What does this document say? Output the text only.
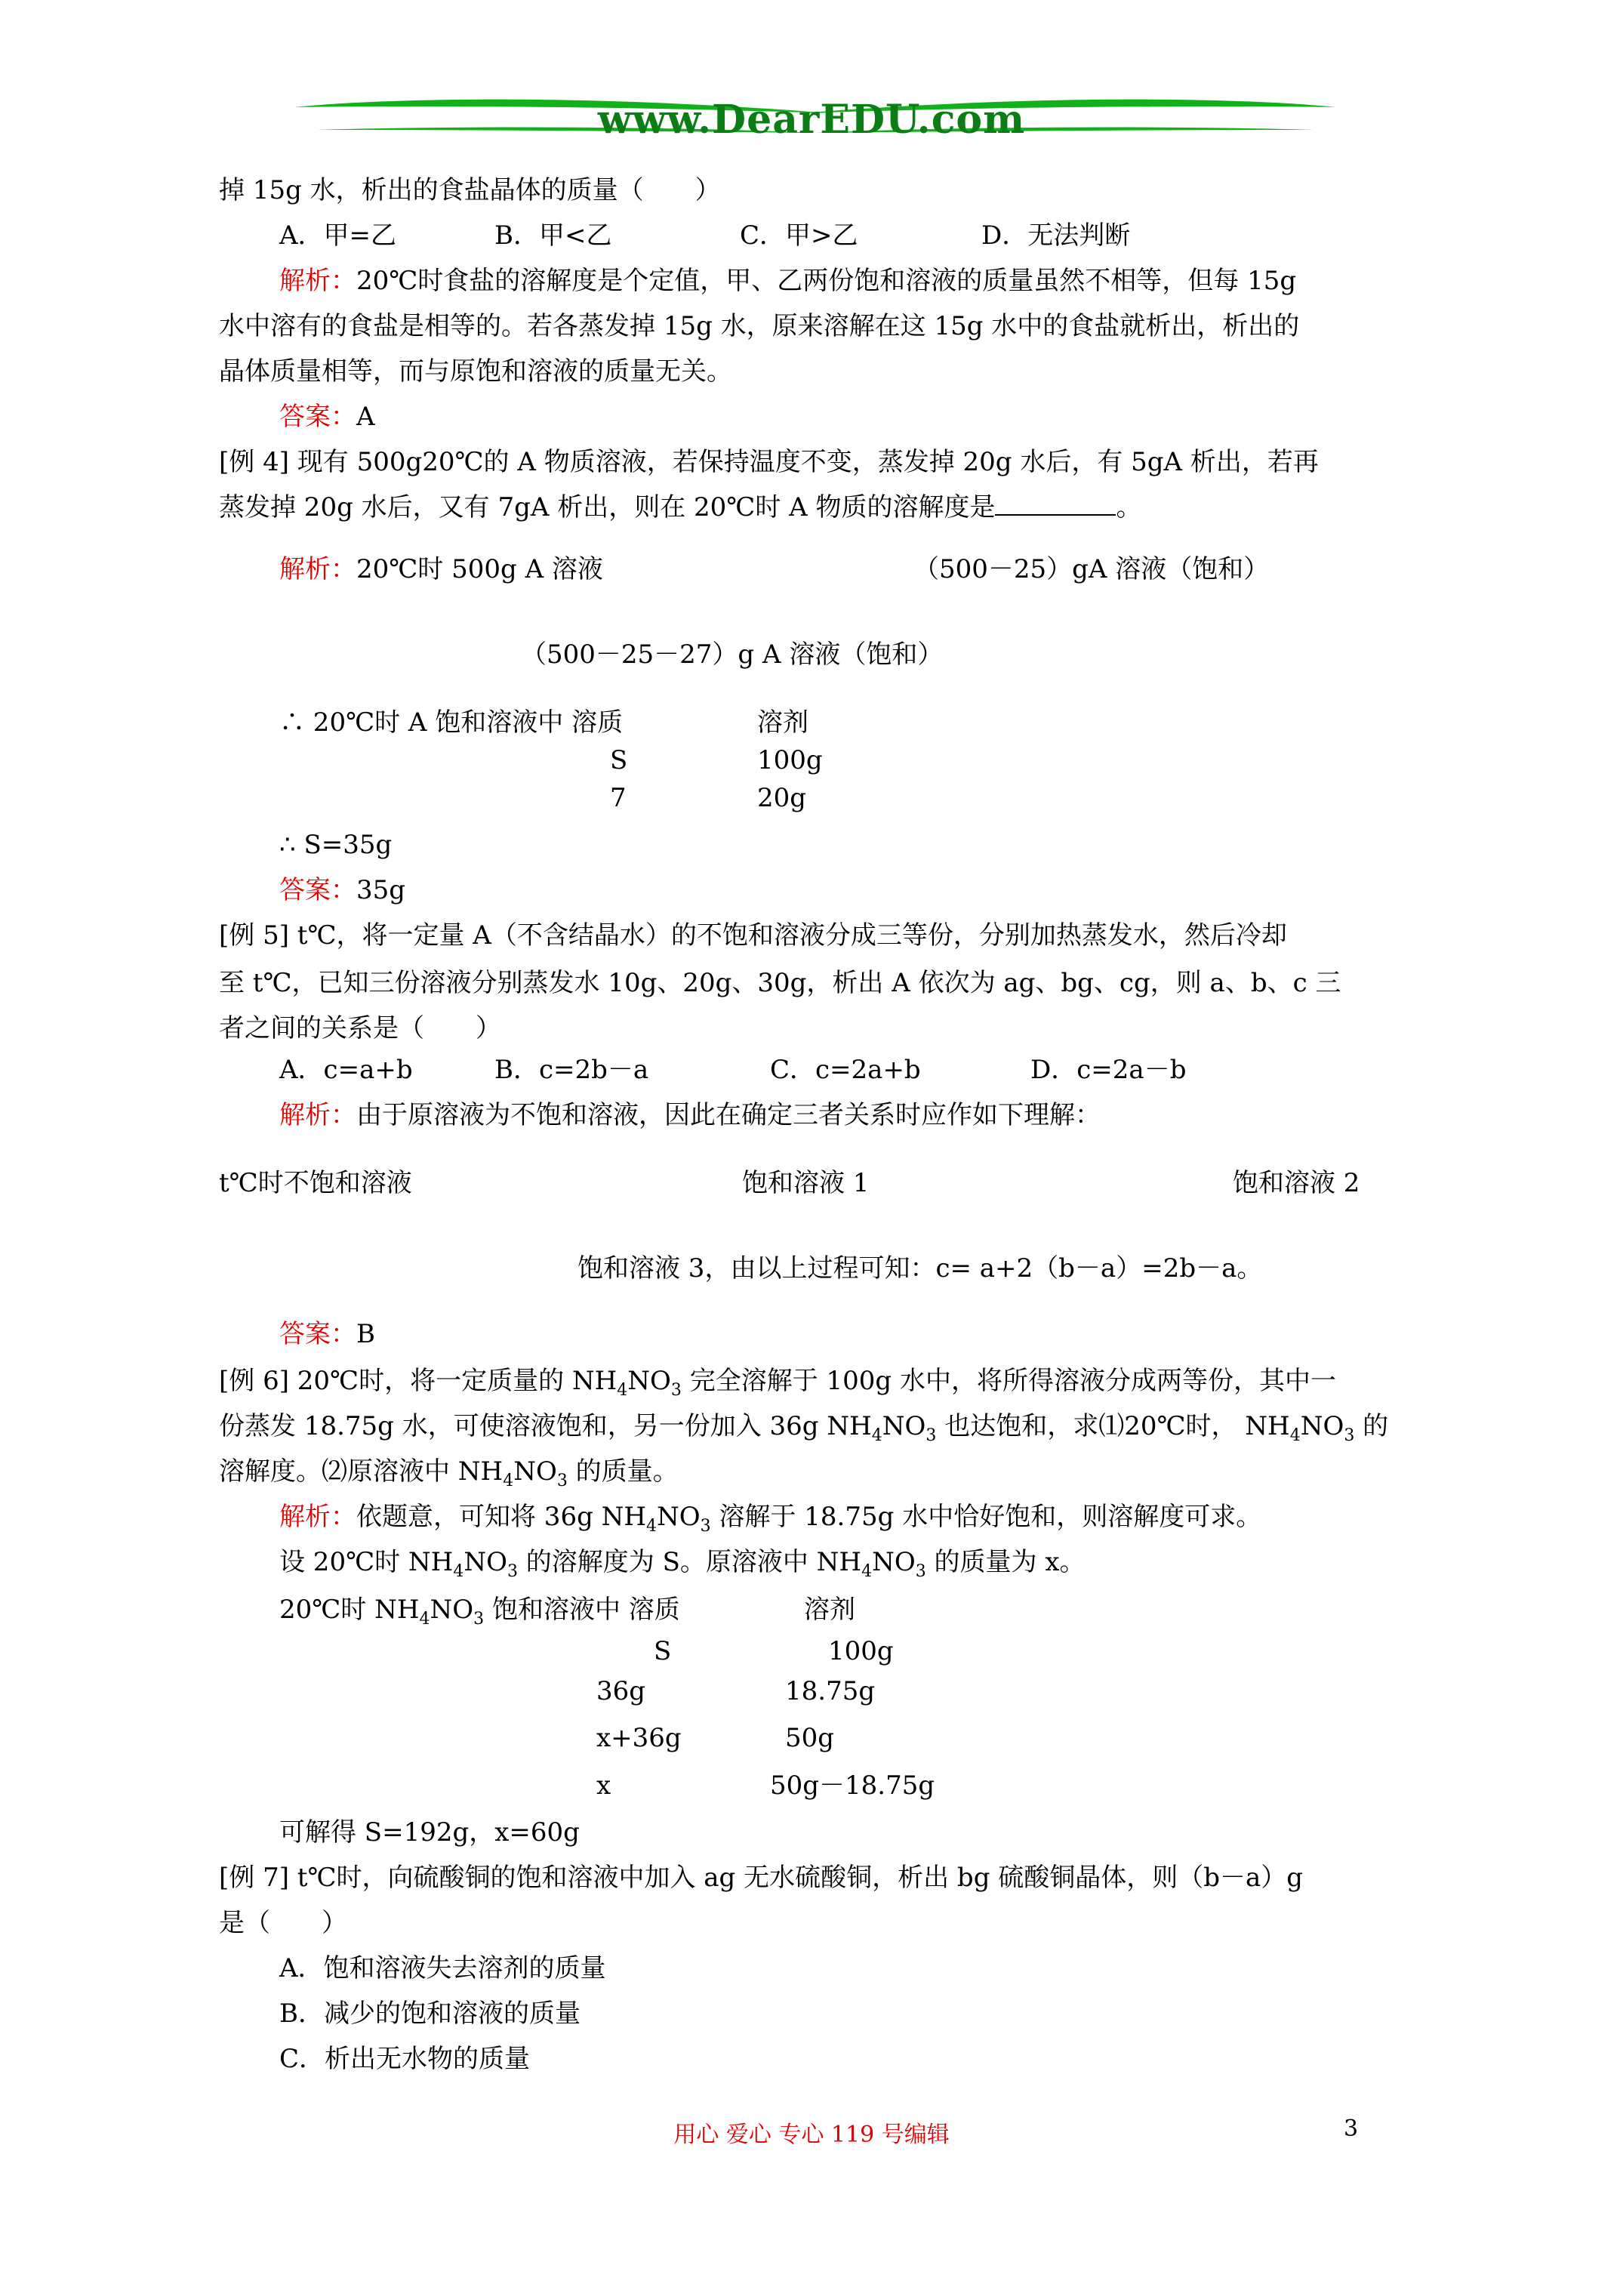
www.DearEDU.com
掉 15g 水，析出的食盐晶体的质量（　　）
A．甲=乙	B．甲<乙	C．甲>乙	D．无法判断
解析：20℃时食盐的溶解度是个定值，甲、乙两份饱和溶液的质量虽然不相等，但每 15g
水中溶有的食盐是相等的。若各蒸发掉 15g 水，原来溶解在这 15g 水中的食盐就析出，析出的
晶体质量相等，而与原饱和溶液的质量无关。
答案：A
[例 4] 现有 500g20℃的 A 物质溶液，若保持温度不变，蒸发掉 20g 水后，有 5gA 析出，若再
蒸发掉 20g 水后，又有 7gA 析出，则在 20℃时 A 物质的溶解度是	。
解析：20℃时 500g A 溶液	（500－25）gA 溶液（饱和）
（500－25－27）g A 溶液（饱和）
∴ 20℃时 A 饱和溶液中 溶质	溶剂
S	100g
7	20g
∴ S=35g
答案：35g
[例 5] t℃，将一定量 A（不含结晶水）的不饱和溶液分成三等份，分别加热蒸发水，然后冷却
至 t℃，已知三份溶液分别蒸发水 10g、20g、30g，析出 A 依次为 ag、bg、cg，则 a、b、c 三
者之间的关系是（　　）
A．c=a+b	B．c=2b－a	C．c=2a+b	D．c=2a－b
解析：由于原溶液为不饱和溶液，因此在确定三者关系时应作如下理解：
t℃时不饱和溶液	饱和溶液 1	饱和溶液 2
饱和溶液 3，由以上过程可知：c= a+2（b－a）=2b－a。
答案：B
[例 6] 20℃时，将一定质量的 $NH_4NO_3$ 完全溶解于 100g 水中，将所得溶液分成两等份，其中一
份蒸发 18.75g 水，可使溶液饱和，另一份加入 36g $NH_4NO_3$ 也达饱和，求⑴20℃时， $NH_4NO_3$ 的
溶解度。⑵原溶液中 $NH_4NO_3$ 的质量。
解析：依题意，可知将 36g $NH_4NO_3$ 溶解于 18.75g 水中恰好饱和，则溶解度可求。
设 20℃时 $NH_4NO_3$ 的溶解度为 S。原溶液中 $NH_4NO_3$ 的质量为 x。
20℃时 $NH_4NO_3$ 饱和溶液中 溶质	溶剂
S	100g
36g	18.75g
x+36g	50g
x	50g－18.75g
可解得 S=192g，x=60g
[例 7] t℃时，向硫酸铜的饱和溶液中加入 ag 无水硫酸铜，析出 bg 硫酸铜晶体，则（b－a）g
是（　　）
A．饱和溶液失去溶剂的质量
B．减少的饱和溶液的质量
C．析出无水物的质量
用心 爱心 专心 119 号编辑	3
